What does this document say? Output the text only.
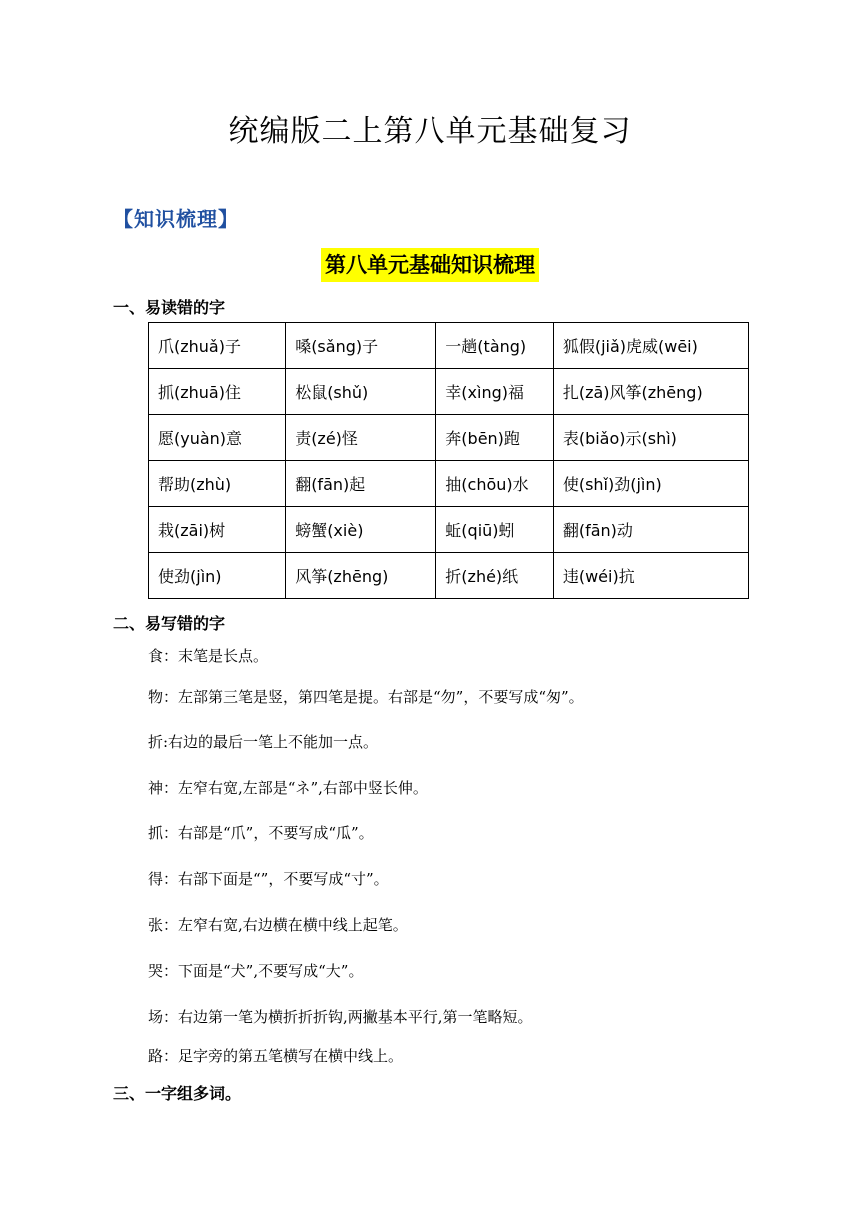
统编版二上第八单元基础复习
【知识梳理】
第八单元基础知识梳理
一、易读错的字
爪(zhuǎ)子	嗓(sǎng)子	一趟(tàng)	狐假(jiǎ)虎威(wēi)
抓(zhuā)住	松鼠(shǔ)	幸(xìng)福	扎(zā)风筝(zhēng)
愿(yuàn)意	责(zé)怪	奔(bēn)跑	表(biǎo)示(shì)
帮助(zhù)	翻(fān)起	抽(chōu)水	使(shǐ)劲(jìn)
栽(zāi)树	螃蟹(xiè)	蚯(qiū)蚓	翻(fān)动
使劲(jìn)	风筝(zhēng)	折(zhé)纸	违(wéi)抗
二、易写错的字
食：末笔是长点。
物：左部第三笔是竖，第四笔是提。右部是“勿”，不要写成“匆”。
折:右边的最后一笔上不能加一点。
神：左窄右宽,左部是“ネ”,右部中竖长伸。
抓：右部是“爪”，不要写成“瓜”。
得：右部下面是“”，不要写成“寸”。
张：左窄右宽,右边横在横中线上起笔。
哭：下面是“犬”,不要写成“大”。
场：右边第一笔为横折折折钩,两撇基本平行,第一笔略短。
路：足字旁的第五笔横写在横中线上。
三、一字组多词。
